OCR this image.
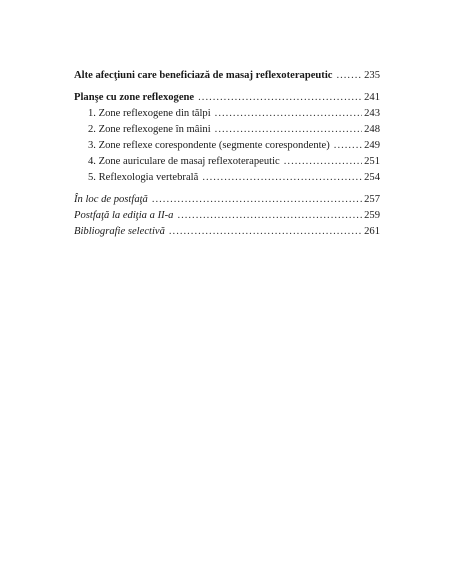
Alte afecţiuni care beneficiază de masaj reflexoterapeutic .....	235
Planşe cu zone reflexogene .....	241
1. Zone reflexogene din tălpi .....	243
2. Zone reflexogene în mâini .....	248
3. Zone reflexe corespondente (segmente corespondente) .....	249
4. Zone auriculare de masaj reflexoterapeutic .....	251
5. Reflexologia vertebrală .....	254
În loc de postfaţă .....	257
Postfaţă la ediţia a II-a .....	259
Bibliografie selectivă .....	261
